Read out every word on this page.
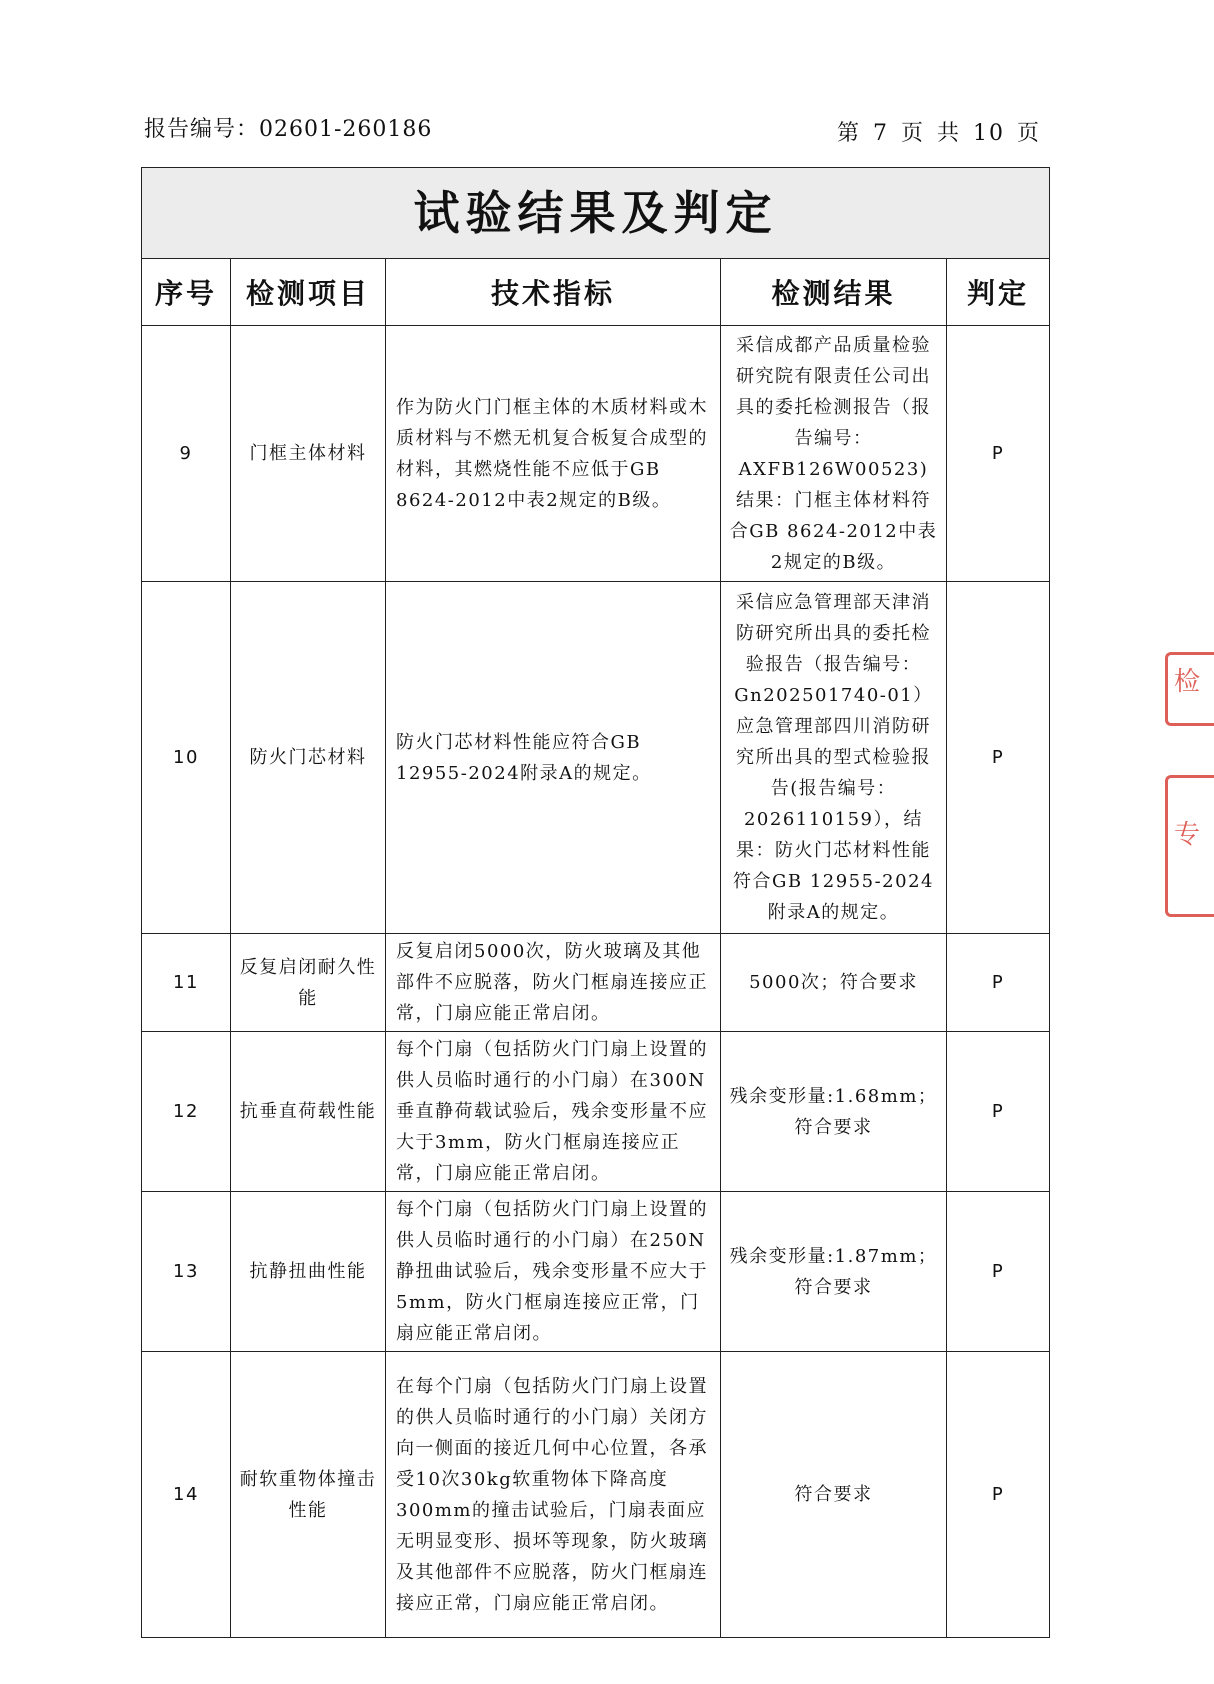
报告编号：02601-260186	第 7 页 共 10 页
试验结果及判定				
序号	检测项目	技术指标	检测结果	判定
9	门框主体材料	作为防火门门框主体的木质材料或木质材料与不燃无机复合板复合成型的材料，其燃烧性能不应低于GB 8624-2012中表2规定的B级。	采信成都产品质量检验研究院有限责任公司出具的委托检测报告（报告编号：AXFB126W00523)结果：门框主体材料符合GB 8624-2012中表2规定的B级。	P
10	防火门芯材料	防火门芯材料性能应符合GB 12955-2024附录A的规定。	采信应急管理部天津消防研究所出具的委托检验报告（报告编号：Gn202501740-01）应急管理部四川消防研究所出具的型式检验报告(报告编号：2026110159），结果：防火门芯材料性能符合GB 12955-2024附录A的规定。	P
11	反复启闭耐久性能	反复启闭5000次，防火玻璃及其他部件不应脱落，防火门框扇连接应正常，门扇应能正常启闭。	5000次；符合要求	P
12	抗垂直荷载性能	每个门扇（包括防火门门扇上设置的供人员临时通行的小门扇）在300N垂直静荷载试验后，残余变形量不应大于3mm，防火门框扇连接应正常，门扇应能正常启闭。	残余变形量:1.68mm；符合要求	P
13	抗静扭曲性能	每个门扇（包括防火门门扇上设置的供人员临时通行的小门扇）在250N静扭曲试验后，残余变形量不应大于5mm，防火门框扇连接应正常，门扇应能正常启闭。	残余变形量:1.87mm；符合要求	P
14	耐软重物体撞击性能	在每个门扇（包括防火门门扇上设置的供人员临时通行的小门扇）关闭方向一侧面的接近几何中心位置，各承受10次30kg软重物体下降高度300mm的撞击试验后，门扇表面应无明显变形、损坏等现象，防火玻璃及其他部件不应脱落，防火门框扇连接应正常，门扇应能正常启闭。	符合要求	P
检
专
